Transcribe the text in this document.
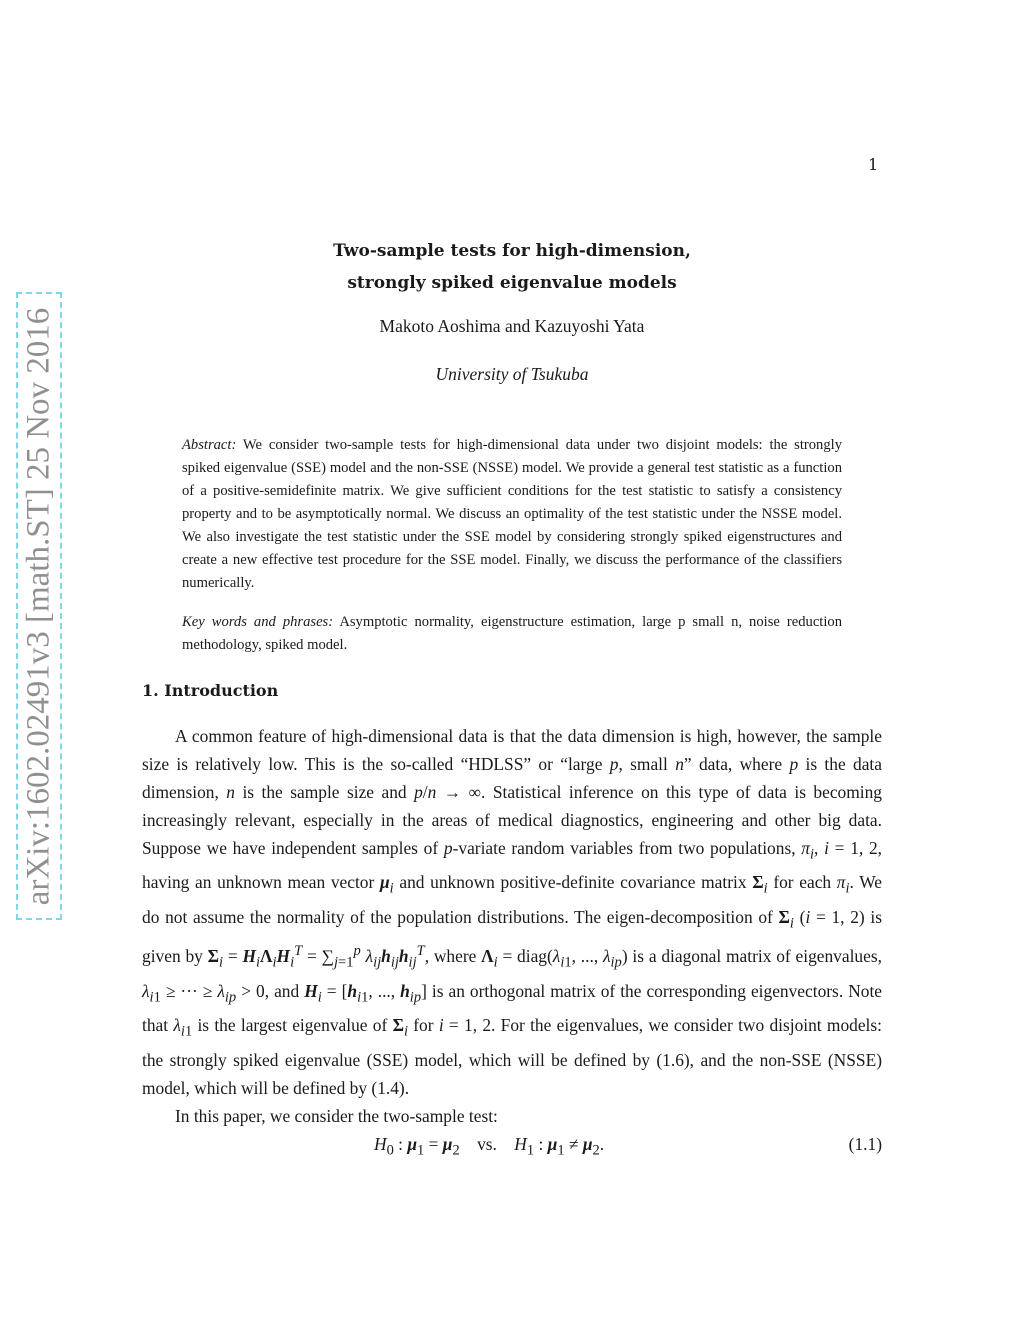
1
arXiv:1602.02491v3 [math.ST] 25 Nov 2016
Two-sample tests for high-dimension,
strongly spiked eigenvalue models
Makoto Aoshima and Kazuyoshi Yata
University of Tsukuba
Abstract: We consider two-sample tests for high-dimensional data under two disjoint models: the strongly spiked eigenvalue (SSE) model and the non-SSE (NSSE) model. We provide a general test statistic as a function of a positive-semidefinite matrix. We give sufficient conditions for the test statistic to satisfy a consistency property and to be asymptotically normal. We discuss an optimality of the test statistic under the NSSE model. We also investigate the test statistic under the SSE model by considering strongly spiked eigenstructures and create a new effective test procedure for the SSE model. Finally, we discuss the performance of the classifiers numerically.
Key words and phrases: Asymptotic normality, eigenstructure estimation, large p small n, noise reduction methodology, spiked model.
1. Introduction

A common feature of high-dimensional data is that the data dimension is high, however, the sample size is relatively low. This is the so-called “HDLSS” or “large p, small n” data, where p is the data dimension, n is the sample size and p/n → ∞. Statistical inference on this type of data is becoming increasingly relevant, especially in the areas of medical diagnostics, engineering and other big data. Suppose we have independent samples of p-variate random variables from two populations, $\pi_i$, i = 1, 2, having an unknown mean vector $\mu_i$ and unknown positive-definite covariance matrix $\Sigma_i$ for each $\pi_i$. We do not assume the normality of the population distributions. The eigen-decomposition of $\Sigma_i$ (i = 1, 2) is given by $\Sigma_i = H_i\Lambda_iH_i^T = \sum_{j=1}^p$ $\lambda_{ij}h_{ij}h_{ij}^T$, where $\Lambda_i$ = $diag(\lambda_{i1}$, ..., $\lambda_{ip}$) is a diagonal matrix of eigenvalues, $\lambda_{i1}$ ≥ ··· ≥ $\lambda_{ip} > 0$, and $H_i = [h_{i1}$, ..., $h_{ip}$] is an orthogonal matrix of the corresponding eigenvectors. Note that $\lambda_{i1}$ is the largest eigenvalue of $\Sigma_i$ for i = 1, 2. For the eigenvalues, we consider two disjoint models: the strongly spiked eigenvalue (SSE) model, which will be defined by (1.6), and the non-SSE (NSSE) model, which will be defined by (1.4).

In this paper, we consider the two-sample test:

$H_0$ : $\mu_1 = \mu_2$    vs.    $H_1$ : $\mu_1 \ne \mu_2$.	(1.1)
